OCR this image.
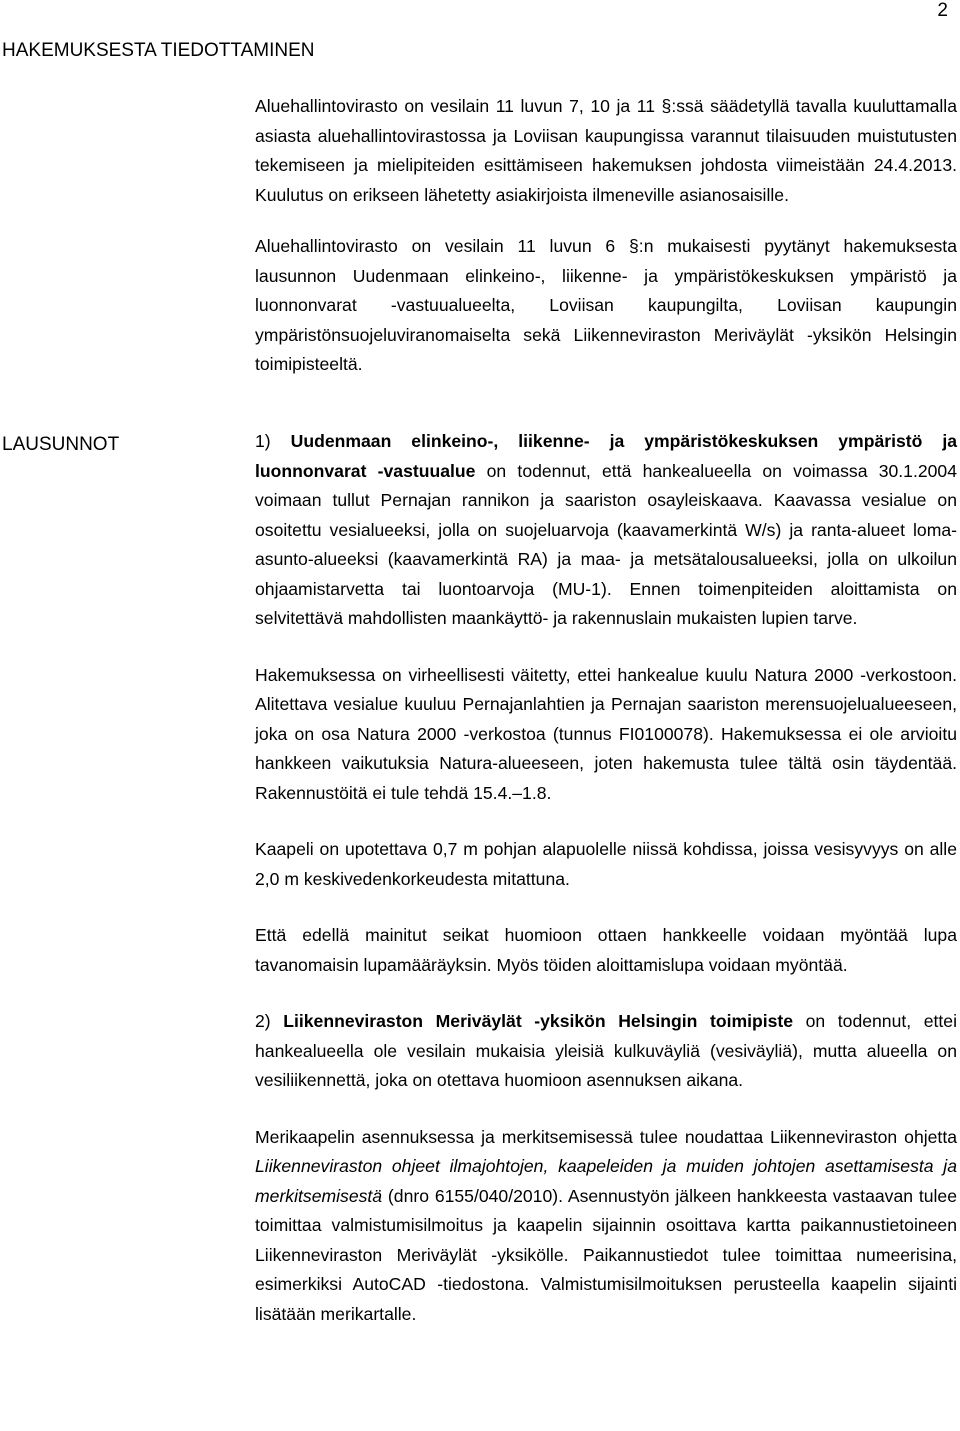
2
HAKEMUKSESTA TIEDOTTAMINEN

Aluehallintovirasto on vesilain 11 luvun 7, 10 ja 11 §:ssä säädetyllä tavalla kuuluttamalla asiasta aluehallintovirastossa ja Loviisan kaupungissa varannut tilaisuuden muistutusten tekemiseen ja mielipiteiden esittämiseen hakemuksen johdosta viimeistään 24.4.2013. Kuulutus on erikseen lähetetty asiakirjoista ilmeneville asianosaisille.

Aluehallintovirasto on vesilain 11 luvun 6 §:n mukaisesti pyytänyt hakemuksesta lausunnon Uudenmaan elinkeino-, liikenne- ja ympäristökeskuksen ympäristö ja luonnonvarat -vastuualueelta, Loviisan kaupungilta, Loviisan kaupungin ympäristönsuojeluviranomaiselta sekä Liikenneviraston Meriväylät -yksikön Helsingin toimipisteeltä.

LAUSUNNOT	1) Uudenmaan elinkeino-, liikenne- ja ympäristökeskuksen ympäristö ja luonnonvarat -vastuualue on todennut, että hankealueella on voimassa 30.1.2004 voimaan tullut Pernajan rannikon ja saariston osayleiskaava. Kaavassa vesialue on osoitettu vesialueeksi, jolla on suojeluarvoja (kaavamerkintä W/s) ja ranta-alueet loma-asunto-alueeksi (kaavamerkintä RA) ja maa- ja metsätalousalueeksi, jolla on ulkoilun ohjaamistarvetta tai luontoarvoja (MU-1). Ennen toimenpiteiden aloittamista on selvitettävä mahdollisten maankäyttö- ja rakennuslain mukaisten lupien tarve.

Hakemuksessa on virheellisesti väitetty, ettei hankealue kuulu Natura 2000 -verkostoon. Alitettava vesialue kuuluu Pernajanlahtien ja Pernajan saariston merensuojelualueeseen, joka on osa Natura 2000 -verkostoa (tunnus FI0100078). Hakemuksessa ei ole arvioitu hankkeen vaikutuksia Natura-alueeseen, joten hakemusta tulee tältä osin täydentää. Rakennustöitä ei tule tehdä 15.4.–1.8.

Kaapeli on upotettava 0,7 m pohjan alapuolelle niissä kohdissa, joissa vesisyvyys on alle 2,0 m keskivedenkorkeudesta mitattuna.

Että edellä mainitut seikat huomioon ottaen hankkeelle voidaan myöntää lupa tavanomaisin lupamääräyksin. Myös töiden aloittamislupa voidaan myöntää.

2) Liikenneviraston Meriväylät -yksikön Helsingin toimipiste on todennut, ettei hankealueella ole vesilain mukaisia yleisiä kulkuväyliä (vesiväyliä), mutta alueella on vesiliikennettä, joka on otettava huomioon asennuksen aikana.

Merikaapelin asennuksessa ja merkitsemisessä tulee noudattaa Liikenneviraston ohjetta Liikenneviraston ohjeet ilmajohtojen, kaapeleiden ja muiden johtojen asettamisesta ja merkitsemisestä (dnro 6155/040/2010). Asennustyön jälkeen hankkeesta vastaavan tulee toimittaa valmistumisilmoitus ja kaapelin sijainnin osoittava kartta paikannustietoineen Liikenneviraston Meriväylät -yksikölle. Paikannustiedot tulee toimittaa numeerisina, esimerkiksi AutoCAD -tiedostona. Valmistumisilmoituksen perusteella kaapelin sijainti lisätään merikartalle.
